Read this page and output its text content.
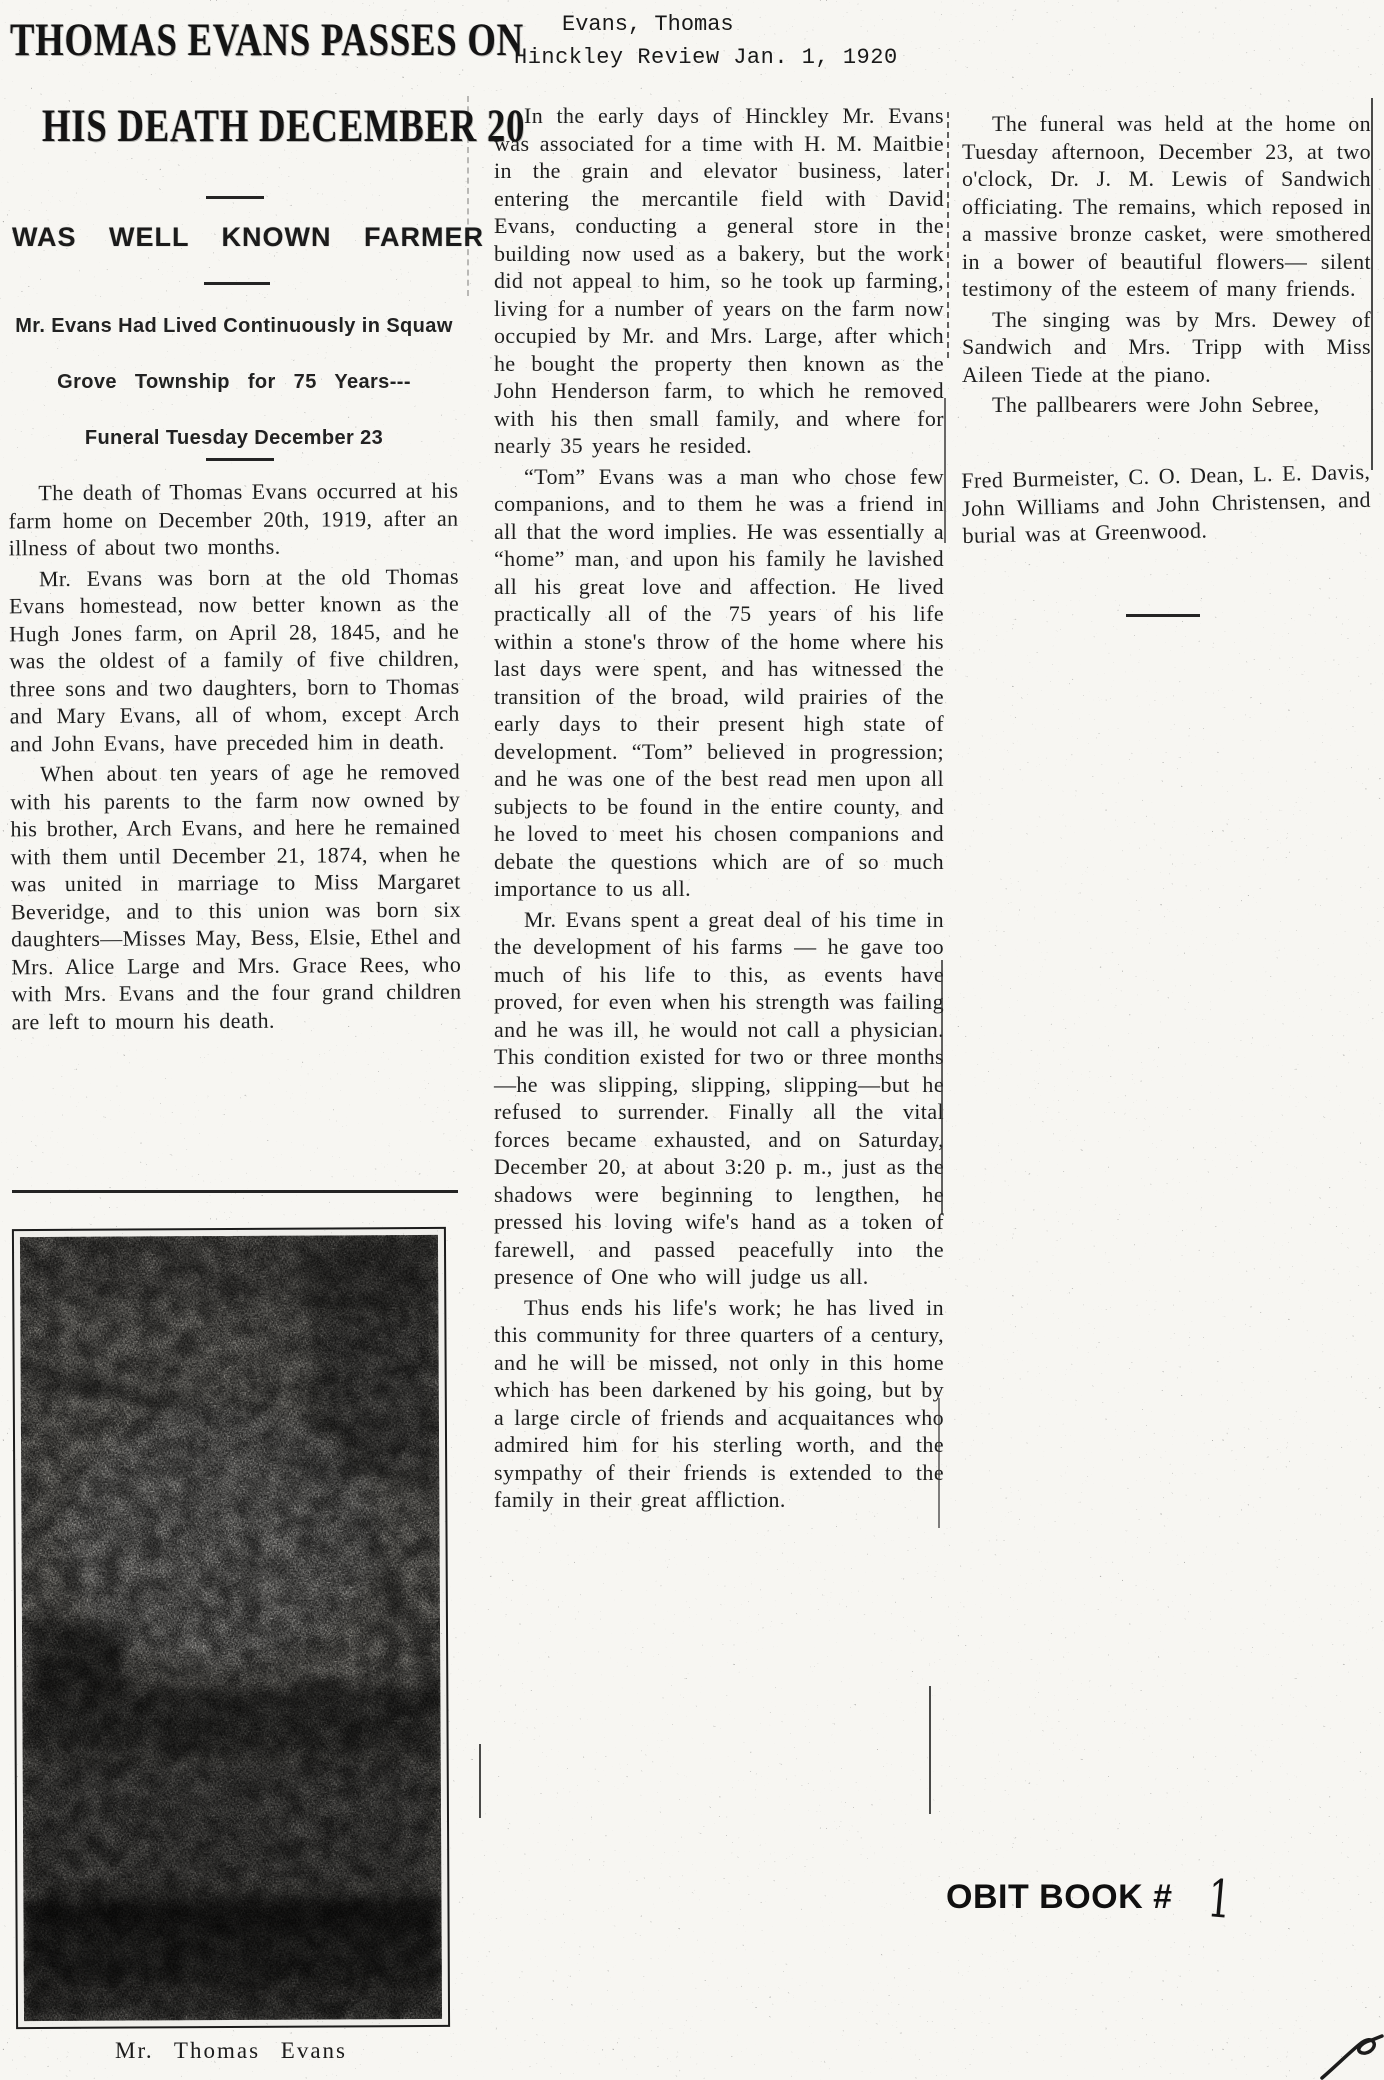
THOMAS EVANS PASSES ON
HIS DEATH DECEMBER 20
WAS WELL KNOWN FARMER
Mr. Evans Had Lived Continuously in Squaw
Grove Township for 75 Years---
Funeral Tuesday December 23

The death of Thomas Evans occurred at his farm home on December 20th, 1919, after an illness of about two months.

Mr. Evans was born at the old Thomas Evans homestead, now better known as the Hugh Jones farm, on April 28, 1845, and he was the oldest of a family of five children, three sons and two daughters, born to Thomas and Mary Evans, all of whom, except Arch and John Evans, have preceded him in death.

When about ten years of age he removed with his parents to the farm now owned by his brother, Arch Evans, and here he remained with them until December 21, 1874, when he was united in marriage to Miss Margaret Beveridge, and to this union was born six daughters—Misses May, Bess, Elsie, Ethel and Mrs. Alice Large and Mrs. Grace Rees, who with Mrs. Evans and the four grand children are left to mourn his death.

Mr. Thomas Evans
Evans, Thomas
Hinckley Review Jan. 1, 1920

In the early days of Hinckley Mr. Evans was associated for a time with H. M. Maitbie in the grain and elevator business, later entering the mercantile field with David Evans, conducting a general store in the building now used as a bakery, but the work did not appeal to him, so he took up farming, living for a number of years on the farm now occupied by Mr. and Mrs. Large, after which he bought the property then known as the John Henderson farm, to which he removed with his then small family, and where for nearly 35 years he resided.

“Tom” Evans was a man who chose few companions, and to them he was a friend in all that the word implies. He was essentially a “home” man, and upon his family he lavished all his great love and affection. He lived practically all of the 75 years of his life within a stone's throw of the home where his last days were spent, and has witnessed the transition of the broad, wild prairies of the early days to their present high state of development. “Tom” believed in progression; and he was one of the best read men upon all subjects to be found in the entire county, and he loved to meet his chosen companions and debate the questions which are of so much importance to us all.

Mr. Evans spent a great deal of his time in the development of his farms — he gave too much of his life to this, as events have proved, for even when his strength was failing and he was ill, he would not call a physician. This condition existed for two or three months—he was slipping, slipping, slipping—but he refused to surrender. Finally all the vital forces became exhausted, and on Saturday, December 20, at about 3:20 p. m., just as the shadows were beginning to lengthen, he pressed his loving wife's hand as a token of farewell, and passed peacefully into the presence of One who will judge us all.

Thus ends his life's work; he has lived in this community for three quarters of a century, and he will be missed, not only in this home which has been darkened by his going, but by a large circle of friends and acquaitances who admired him for his sterling worth, and the sympathy of their friends is extended to the family in their great affliction.

The funeral was held at the home on Tuesday afternoon, December 23, at two o'clock, Dr. J. M. Lewis of Sandwich officiating. The remains, which reposed in a massive bronze casket, were smothered in a bower of beautiful flowers— silent testimony of the esteem of many friends.

The singing was by Mrs. Dewey of Sandwich and Mrs. Tripp with Miss Aileen Tiede at the piano.

The pallbearers were John Sebree,

Fred Burmeister, C. O. Dean, L. E. Davis, John Williams and John Christensen, and burial was at Greenwood.

OBIT BOOK # 1
